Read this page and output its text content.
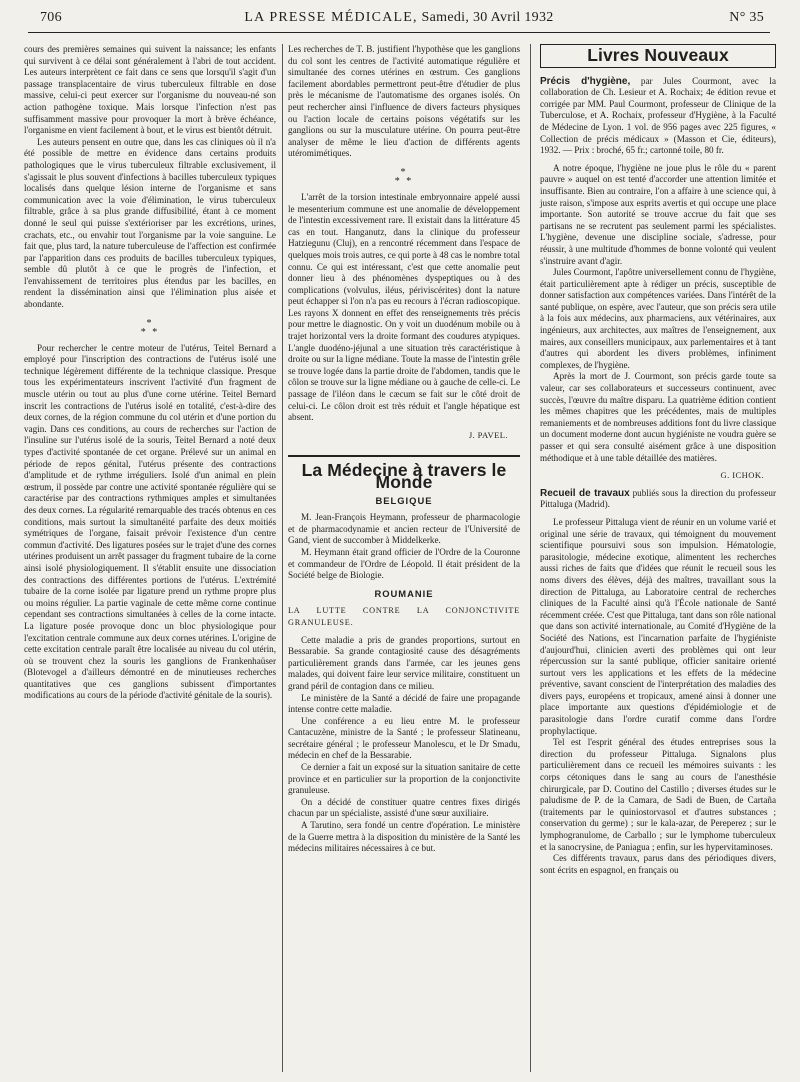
706	LA PRESSE MÉDICALE, Samedi, 30 Avril 1932	N° 35

cours des premières semaines qui suivent la naissance; les enfants qui survivent à ce délai sont généralement à l'abri de tout accident. Les auteurs interprètent ce fait dans ce sens que lorsqu'il s'agit d'un passage transplacentaire de virus tuberculeux filtrable en dose massive, celui-ci peut exercer sur l'organisme du nouveau-né son action pathogène toxique. Mais lorsque l'infection n'est pas suffisamment massive pour provoquer la mort à brève échéance, l'organisme en vient facilement à bout, et le virus est bientôt détruit.

Les auteurs pensent en outre que, dans les cas cliniques où il n'a été possible de mettre en évidence dans certains produits pathologiques que le virus tuberculeux filtrable exclusivement, il s'agissait le plus souvent d'infections à bacilles tuberculeux typiques localisés dans quelque lésion interne de l'organisme et sans communication avec la voie d'élimination, le virus tuberculeux filtrable, grâce à sa plus grande diffusibilité, étant à ce moment donné le seul qui puisse s'extérioriser par les excrétions, urines, crachats, etc., ou envahir tout l'organisme par la voie sanguine. Le fait que, plus tard, la nature tuberculeuse de l'affection est confirmée par l'apparition dans ces produits de bacilles tuberculeux typiques, semble dû plutôt à ce que le progrès de l'infection, et l'envahissement de territoires plus étendus par les bacilles, en rendent la dissémination ainsi que l'élimination plus aisée et abondante.

*
* *

Pour rechercher le centre moteur de l'utérus, Teitel Bernard a employé pour l'inscription des contractions de l'utérus isolé une technique légèrement différente de la technique classique. Presque tous les expérimentateurs inscrivent l'activité d'un fragment de muscle utérin ou tout au plus d'une corne utérine. Teitel Bernard inscrit les contractions de l'utérus isolé en totalité, c'est-à-dire des deux cornes, de la région commune du col utérin et d'une portion du vagin. Dans ces conditions, au cours de recherches sur l'action de l'insuline sur l'utérus isolé de la souris, Teitel Bernard a noté deux types d'activité spontanée de cet organe. Prélevé sur un animal en période de repos génital, l'utérus présente des contractions d'amplitude et de rythme irréguliers. Isolé d'un animal en plein œstrum, il possède par contre une activité spontanée régulière qui se caractérise par des contractions rythmiques amples et simultanées des deux cornes. La régularité remarquable des tracés obtenus en ces conditions, mais surtout la simultanéité parfaite des deux moitiés symétriques de l'organe, faisait prévoir l'existence d'un centre commun d'activité. Des ligatures posées sur le trajet d'une des cornes utérines produisent un arrêt passager du fragment tubaire de la corne ainsi isolé physiologiquement. Il s'établit ensuite une dissociation des contractions des différentes portions de l'utérus. L'extrémité tubaire de la corne isolée par ligature prend un rythme propre plus ou moins régulier. La partie vaginale de cette même corne continue cependant ses contractions simultanées à celles de la corne intacte. La ligature posée provoque donc un bloc physiologique pour l'excitation centrale commune aux deux cornes utérines. L'origine de cette excitation centrale paraît être localisée au niveau du col utérin, où se trouvent chez la souris les ganglions de Frankenhaüser (Blotevogel a d'ailleurs démontré en de minutieuses recherches quantitatives que ces ganglions subissent d'importantes modifications au cours de la période d'activité génitale de la souris).

Les recherches de T. B. justifient l'hypothèse que les ganglions du col sont les centres de l'activité automatique régulière et simultanée des cornes utérines en œstrum. Ces ganglions facilement abordables permettront peut-être d'étudier de plus près le mécanisme de l'automatisme des organes isolés. On peut rechercher ainsi l'influence de divers facteurs physiques ou l'action locale de certains poisons végétatifs sur les ganglions ou sur la musculature utérine. On pourra peut-être analyser de même le lieu d'action de différents agents utéromimétiques.

*
* *

L'arrêt de la torsion intestinale embryonnaire appelé aussi le mesenterium commune est une anomalie de développement de l'intestin excessivement rare. Il existait dans la littérature 45 cas en tout. Hanganutz, dans la clinique du professeur Hatziegunu (Cluj), en a rencontré récemment dans l'espace de quelques mois trois autres, ce qui porte à 48 cas le nombre total connu. Ce qui est intéressant, c'est que cette anomalie peut donner lieu à des phénomènes dyspeptiques ou à des complications (volvulus, iléus, périviscérites) dont la nature peut échapper si l'on n'a pas eu recours à l'écran radioscopique. Les rayons X donnent en effet des renseignements très précis pour mettre le diagnostic. On y voit un duodénum mobile ou à trajet horizontal vers la droite formant des coudures atypiques. L'angle duodéno-jéjunal a une situation très caractéristique à droite ou sur la ligne médiane. Toute la masse de l'intestin grêle se trouve logée dans la partie droite de l'abdomen, tandis que le côlon se trouve sur la ligne médiane ou à gauche de celle-ci. Le passage de l'iléon dans le cæcum se fait sur le côté droit de celui-ci. Le côlon droit est très réduit et l'angle hépatique est absent.

J. PAVEL.
La Médecine à travers le Monde
BELGIQUE

M. Jean-François Heymann, professeur de pharmacologie et de pharmacodynamie et ancien recteur de l'Université de Gand, vient de succomber à Middelkerke.

M. Heymann était grand officier de l'Ordre de la Couronne et commandeur de l'Ordre de Léopold. Il était président de la Société belge de Biologie.

ROUMANIE
LA LUTTE CONTRE LA CONJONCTIVITE GRANULEUSE.

Cette maladie a pris de grandes proportions, surtout en Bessarabie. Sa grande contagiosité cause des désagréments particulièrement grands dans l'armée, car les jeunes gens malades, qui doivent faire leur service militaire, constituent un grand péril de contagion dans ce milieu.

Le ministère de la Santé a décidé de faire une propagande intense contre cette maladie.

Une conférence a eu lieu entre M. le professeur Cantacuzène, ministre de la Santé ; le professeur Slatineanu, secrétaire général ; le professeur Manolescu, et le Dr Smadu, médecin en chef de la Bessarabie.

Ce dernier a fait un exposé sur la situation sanitaire de cette province et en particulier sur la proportion de la conjonctivite granuleuse.

On a décidé de constituer quatre centres fixes dirigés chacun par un spécialiste, assisté d'une sœur auxiliaire.

A Tarutino, sera fondé un centre d'opération. Le ministère de la Guerre mettra à la disposition du ministère de la Santé les médecins militaires nécessaires à ce but.

Livres Nouveaux

Précis d'hygiène, par Jules Courmont, avec la collaboration de Ch. Lesieur et A. Rochaix; 4e édition revue et corrigée par MM. Paul Courmont, professeur de Clinique de la Tuberculose, et A. Rochaix, professeur d'Hygiène, à la Faculté de Médecine de Lyon. 1 vol. de 956 pages avec 225 figures, « Collection de précis médicaux » (Masson et Cie, éditeurs), 1932. — Prix : broché, 65 fr.; cartonné toile, 80 fr.

A notre époque, l'hygiène ne joue plus le rôle du « parent pauvre » auquel on est tenté d'accorder une attention limitée et insuffisante. Bien au contraire, l'on a affaire à une science qui, à juste raison, s'impose aux esprits avertis et qui occupe une place importante. Son autorité se trouve accrue du fait que ses partisans ne se recrutent pas seulement parmi les spécialistes. L'hygiène, devenue une discipline sociale, s'adresse, pour réussir, à une multitude d'hommes de bonne volonté qui veulent s'instruire avant d'agir.

Jules Courmont, l'apôtre universellement connu de l'hygiène, était particulièrement apte à rédiger un précis, susceptible de donner satisfaction aux compétences variées. Dans l'intérêt de la santé publique, on espère, avec l'auteur, que son précis sera utile à la fois aux médecins, aux pharmaciens, aux vétérinaires, aux ingénieurs, aux architectes, aux maîtres de l'enseignement, aux maires, aux conseillers municipaux, aux parlementaires et à tant d'autres qui abordent les divers problèmes, infiniment complexes, de l'hygiène.

Après la mort de J. Courmont, son précis garde toute sa valeur, car ses collaborateurs et successeurs continuent, avec succès, l'œuvre du maître disparu. La quatrième édition contient les mêmes chapitres que les précédentes, mais de multiples remaniements et de nombreuses additions font du livre classique un document moderne dont aucun hygiéniste ne voudra guère se passer et qui sera consulté aisément grâce à une disposition méthodique et à une table détaillée des matières.

G. ICHOK.

Recueil de travaux publiés sous la direction du professeur Pittaluga (Madrid).

Le professeur Pittaluga vient de réunir en un volume varié et original une série de travaux, qui témoignent du mouvement scientifique poursuivi sous son impulsion. Hématologie, parasitologie, médecine exotique, alimentent les recherches aussi riches de faits que d'idées que réunit le recueil sous les noms divers des élèves, déjà des maîtres, travaillant sous la direction de Pittaluga, au Laboratoire central de recherches cliniques de la Faculté ainsi qu'à l'École nationale de Santé récemment créée. C'est que Pittaluga, tant dans son rôle national que dans son activité internationale, au Comité d'Hygiène de la Société des Nations, est l'incarnation parfaite de l'hygiéniste d'aujourd'hui, clinicien averti des problèmes qui ont leur répercussion sur la santé publique, officier sanitaire orienté surtout vers les applications et les effets de la médecine préventive, savant conscient de l'interprétation des maladies des divers pays, européens et tropicaux, amené ainsi à donner une place importante aux questions d'épidémiologie et de parasitologie dans l'ordre curatif comme dans l'ordre prophylactique.

Tel est l'esprit général des études entreprises sous la direction du professeur Pittaluga. Signalons plus particulièrement dans ce recueil les mémoires suivants : les corps cétoniques dans le sang au cours de l'anesthésie chirurgicale, par D. Coutino del Castillo ; diverses études sur le paludisme de P. de la Camara, de Sadi de Buen, de Cartaña (traitements par le quiniostorvasol et d'autres substances ; conservation du germe) ; sur le kala-azar, de Pereperez ; sur le lymphogranulome, de Carballo ; sur le lymphome tuberculeux et la sanocrysine, de Paniagua ; enfin, sur les hypervitaminoses.

Ces différents travaux, parus dans des périodiques divers, sont écrits en espagnol, en français ou
